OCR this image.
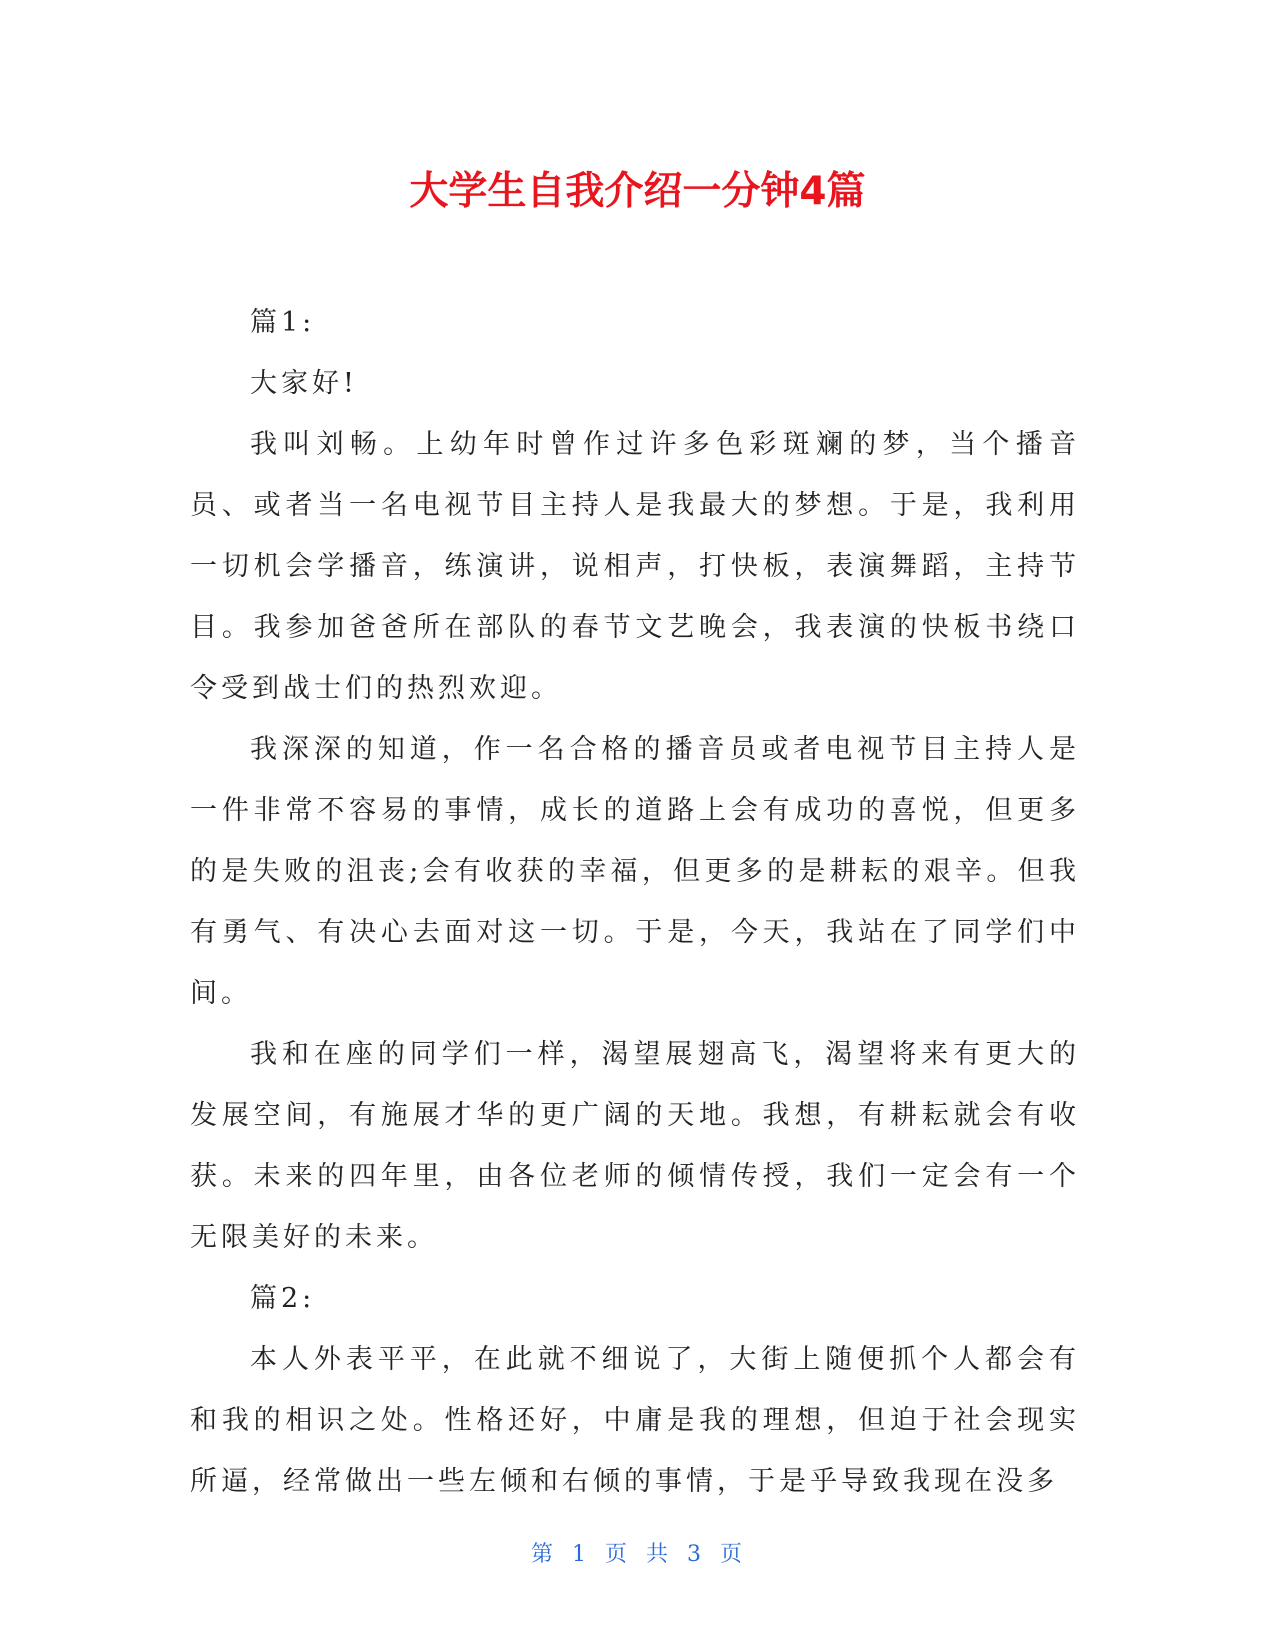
大学生自我介绍一分钟4篇

篇1:

大家好!

我叫刘畅。上幼年时曾作过许多色彩斑斓的梦，当个播音员、或者当一名电视节目主持人是我最大的梦想。于是，我利用一切机会学播音，练演讲，说相声，打快板，表演舞蹈，主持节目。我参加爸爸所在部队的春节文艺晚会，我表演的快板书绕口令受到战士们的热烈欢迎。

我深深的知道，作一名合格的播音员或者电视节目主持人是一件非常不容易的事情，成长的道路上会有成功的喜悦，但更多的是失败的沮丧;会有收获的幸福，但更多的是耕耘的艰辛。但我有勇气、有决心去面对这一切。于是，今天，我站在了同学们中间。

我和在座的同学们一样，渴望展翅高飞，渴望将来有更大的发展空间，有施展才华的更广阔的天地。我想，有耕耘就会有收获。未来的四年里，由各位老师的倾情传授，我们一定会有一个无限美好的未来。

篇2:

本人外表平平，在此就不细说了，大街上随便抓个人都会有和我的相识之处。性格还好，中庸是我的理想，但迫于社会现实所逼，经常做出一些左倾和右倾的事情，于是乎导致我现在没多

第 1 页 共 3 页
